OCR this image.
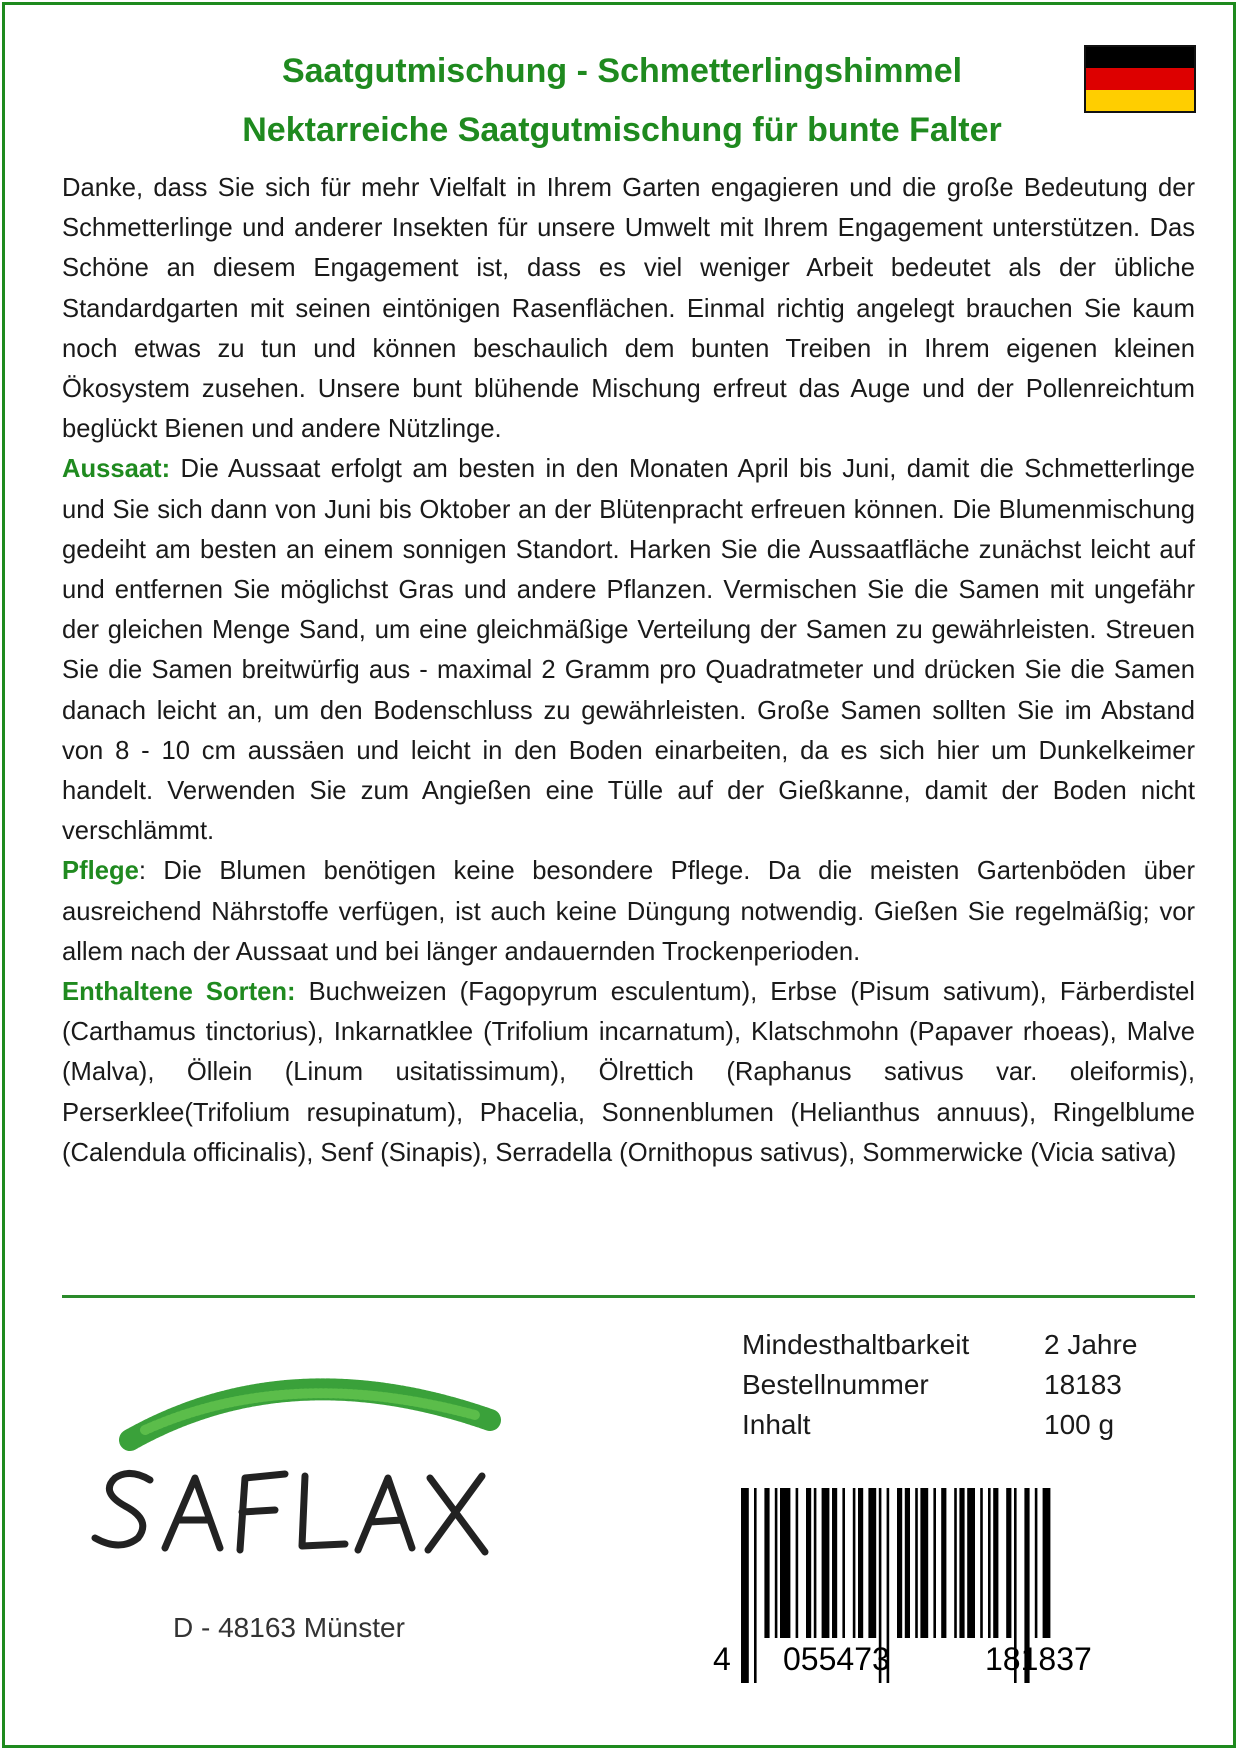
Saatgutmischung - Schmetterlingshimmel
Nektarreiche Saatgutmischung für bunte Falter

Danke, dass Sie sich für mehr Vielfalt in Ihrem Garten engagieren und die große Bedeutung der Schmetterlinge und anderer Insekten für unsere Umwelt mit Ihrem Engagement unterstützen. Das Schöne an diesem Engagement ist, dass es viel weniger Arbeit bedeutet als der übliche Standardgarten mit seinen eintönigen Rasenflächen. Einmal richtig angelegt brauchen Sie kaum noch etwas zu tun und können beschaulich dem bunten Treiben in Ihrem eigenen kleinen Ökosystem zusehen. Unsere bunt blühende Mischung erfreut das Auge und der Pollenreichtum beglückt Bienen und andere Nützlinge.

Aussaat: Die Aussaat erfolgt am besten in den Monaten April bis Juni, damit die Schmetterlinge und Sie sich dann von Juni bis Oktober an der Blütenpracht erfreuen können. Die Blumenmischung gedeiht am besten an einem sonnigen Standort. Harken Sie die Aussaatfläche zunächst leicht auf und entfernen Sie möglichst Gras und andere Pflanzen. Vermischen Sie die Samen mit ungefähr der gleichen Menge Sand, um eine gleichmäßige Verteilung der Samen zu gewährleisten. Streuen Sie die Samen breitwürfig aus - maximal 2 Gramm pro Quadratmeter und drücken Sie die Samen danach leicht an, um den Bodenschluss zu gewährleisten. Große Samen sollten Sie im Abstand von 8 - 10 cm aussäen und leicht in den Boden einarbeiten, da es sich hier um Dunkelkeimer handelt. Verwenden Sie zum Angießen eine Tülle auf der Gießkanne, damit der Boden nicht verschlämmt.

Pflege: Die Blumen benötigen keine besondere Pflege. Da die meisten Gartenböden über ausreichend Nährstoffe verfügen, ist auch keine Düngung notwendig. Gießen Sie regelmäßig; vor allem nach der Aussaat und bei länger andauernden Trockenperioden.

Enthaltene Sorten: Buchweizen (Fagopyrum esculentum), Erbse (Pisum sativum), Färberdistel (Carthamus tinctorius), Inkarnatklee (Trifolium incarnatum), Klatschmohn (Papaver rhoeas), Malve (Malva), Öllein (Linum usitatissimum), Ölrettich (Raphanus sativus var. oleiformis), Perserklee(Trifolium resupinatum), Phacelia, Sonnenblumen (Helianthus annuus), Ringelblume (Calendula officinalis), Senf (Sinapis), Serradella (Ornithopus sativus), Sommerwicke (Vicia sativa)

D - 48163 Münster
Mindesthaltbarkeit	2 Jahre
Bestellnummer	18183
Inhalt	100 g
4 055473	181837
